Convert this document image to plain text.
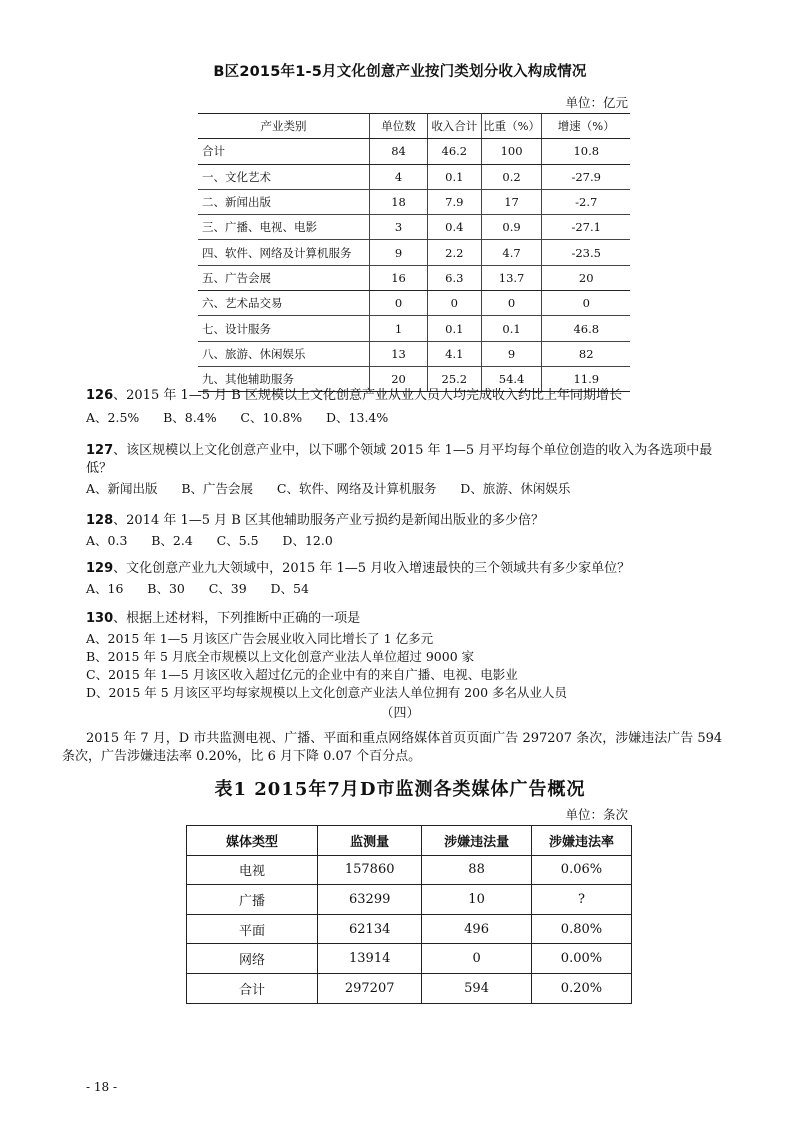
B区2015年1-5月文化创意产业按门类划分收入构成情况
单位：亿元
产业类别	单位数	收入合计	比重（%）	增速（%）
合计	84	46.2	100	10.8
一、文化艺术	4	0.1	0.2	-27.9
二、新闻出版	18	7.9	17	-2.7
三、广播、电视、电影	3	0.4	0.9	-27.1
四、软件、网络及计算机服务	9	2.2	4.7	-23.5
五、广告会展	16	6.3	13.7	20
六、艺术品交易	0	0	0	0
七、设计服务	1	0.1	0.1	46.8
八、旅游、休闲娱乐	13	4.1	9	82
九、其他辅助服务	20	25.2	54.4	11.9
126、2015 年 1—5 月 B 区规模以上文化创意产业从业人员人均完成收入约比上年同期增长
A、2.5%      B、8.4%      C、10.8%      D、13.4%
127、该区规模以上文化创意产业中，以下哪个领域 2015 年 1—5 月平均每个单位创造的收入为各选项中最
低？
A、新闻出版      B、广告会展      C、软件、网络及计算机服务      D、旅游、休闲娱乐
128、2014 年 1—5 月 B 区其他辅助服务产业亏损约是新闻出版业的多少倍？
A、0.3      B、2.4      C、5.5      D、12.0
129、文化创意产业九大领域中，2015 年 1—5 月收入增速最快的三个领域共有多少家单位？
A、16      B、30      C、39      D、54
130、根据上述材料，下列推断中正确的一项是
A、2015 年 1—5 月该区广告会展业收入同比增长了 1 亿多元
B、2015 年 5 月底全市规模以上文化创意产业法人单位超过 9000 家
C、2015 年 1—5 月该区收入超过亿元的企业中有的来自广播、电视、电影业
D、2015 年 5 月该区平均每家规模以上文化创意产业法人单位拥有 200 多名从业人员
（四）
2015 年 7 月，D 市共监测电视、广播、平面和重点网络媒体首页页面广告 297207 条次，涉嫌违法广告 594
条次，广告涉嫌违法率 0.20%，比 6 月下降 0.07 个百分点。
表1 2015年7月D市监测各类媒体广告概况
单位：条次
媒体类型	监测量	涉嫌违法量	涉嫌违法率
电视	157860	88	0.06%
广播	63299	10	?
平面	62134	496	0.80%
网络	13914	0	0.00%
合计	297207	594	0.20%
- 18 -
